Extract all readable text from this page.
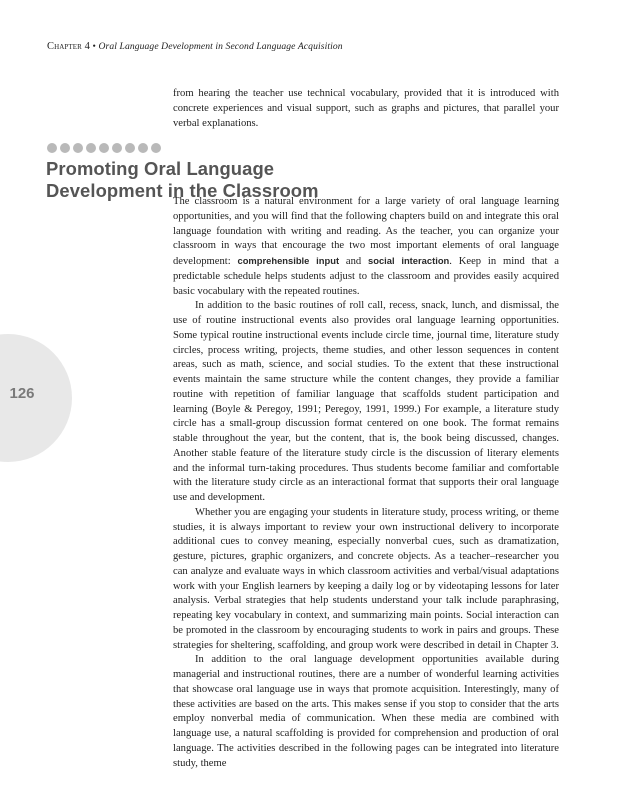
Chapter 4 • Oral Language Development in Second Language Acquisition

from hearing the teacher use technical vocabulary, provided that it is introduced with concrete experiences and visual support, such as graphs and pictures, that parallel your verbal explanations.

Promoting Oral Language
Development in the Classroom
126

The classroom is a natural environment for a large variety of oral language learning opportunities, and you will find that the following chapters build on and integrate this oral language foundation with writing and reading. As the teacher, you can organize your classroom in ways that encourage the two most important elements of oral language development: comprehensible input and social interaction. Keep in mind that a predictable schedule helps students adjust to the classroom and provides easily acquired basic vocabulary with the repeated routines.

In addition to the basic routines of roll call, recess, snack, lunch, and dismissal, the use of routine instructional events also provides oral language learning opportunities. Some typical routine instructional events include circle time, journal time, literature study circles, process writing, projects, theme studies, and other lesson sequences in content areas, such as math, science, and social studies. To the extent that these instructional events maintain the same structure while the content changes, they provide a familiar routine with repetition of familiar language that scaffolds student participation and learning (Boyle & Peregoy, 1991; Peregoy, 1991, 1999.) For example, a literature study circle has a small-group discussion format centered on one book. The format remains stable throughout the year, but the content, that is, the book being discussed, changes. Another stable feature of the literature study circle is the discussion of literary elements and the informal turn-taking procedures. Thus students become familiar and comfortable with the literature study circle as an interactional format that supports their oral language use and development.

Whether you are engaging your students in literature study, process writing, or theme studies, it is always important to review your own instructional delivery to incorporate additional cues to convey meaning, especially nonverbal cues, such as dramatization, gesture, pictures, graphic organizers, and concrete objects. As a teacher–researcher you can analyze and evaluate ways in which classroom activities and verbal/visual adaptations work with your English learners by keeping a daily log or by videotaping lessons for later analysis. Verbal strategies that help students understand your talk include paraphrasing, repeating key vocabulary in context, and summarizing main points. Social interaction can be promoted in the classroom by encouraging students to work in pairs and groups. These strategies for sheltering, scaffolding, and group work were described in detail in Chapter 3.

In addition to the oral language development opportunities available during managerial and instructional routines, there are a number of wonderful learning activities that showcase oral language use in ways that promote acquisition. Interestingly, many of these activities are based on the arts. This makes sense if you stop to consider that the arts employ nonverbal media of communication. When these media are combined with language use, a natural scaffolding is provided for comprehension and production of oral language. The activities described in the following pages can be integrated into literature study, theme
